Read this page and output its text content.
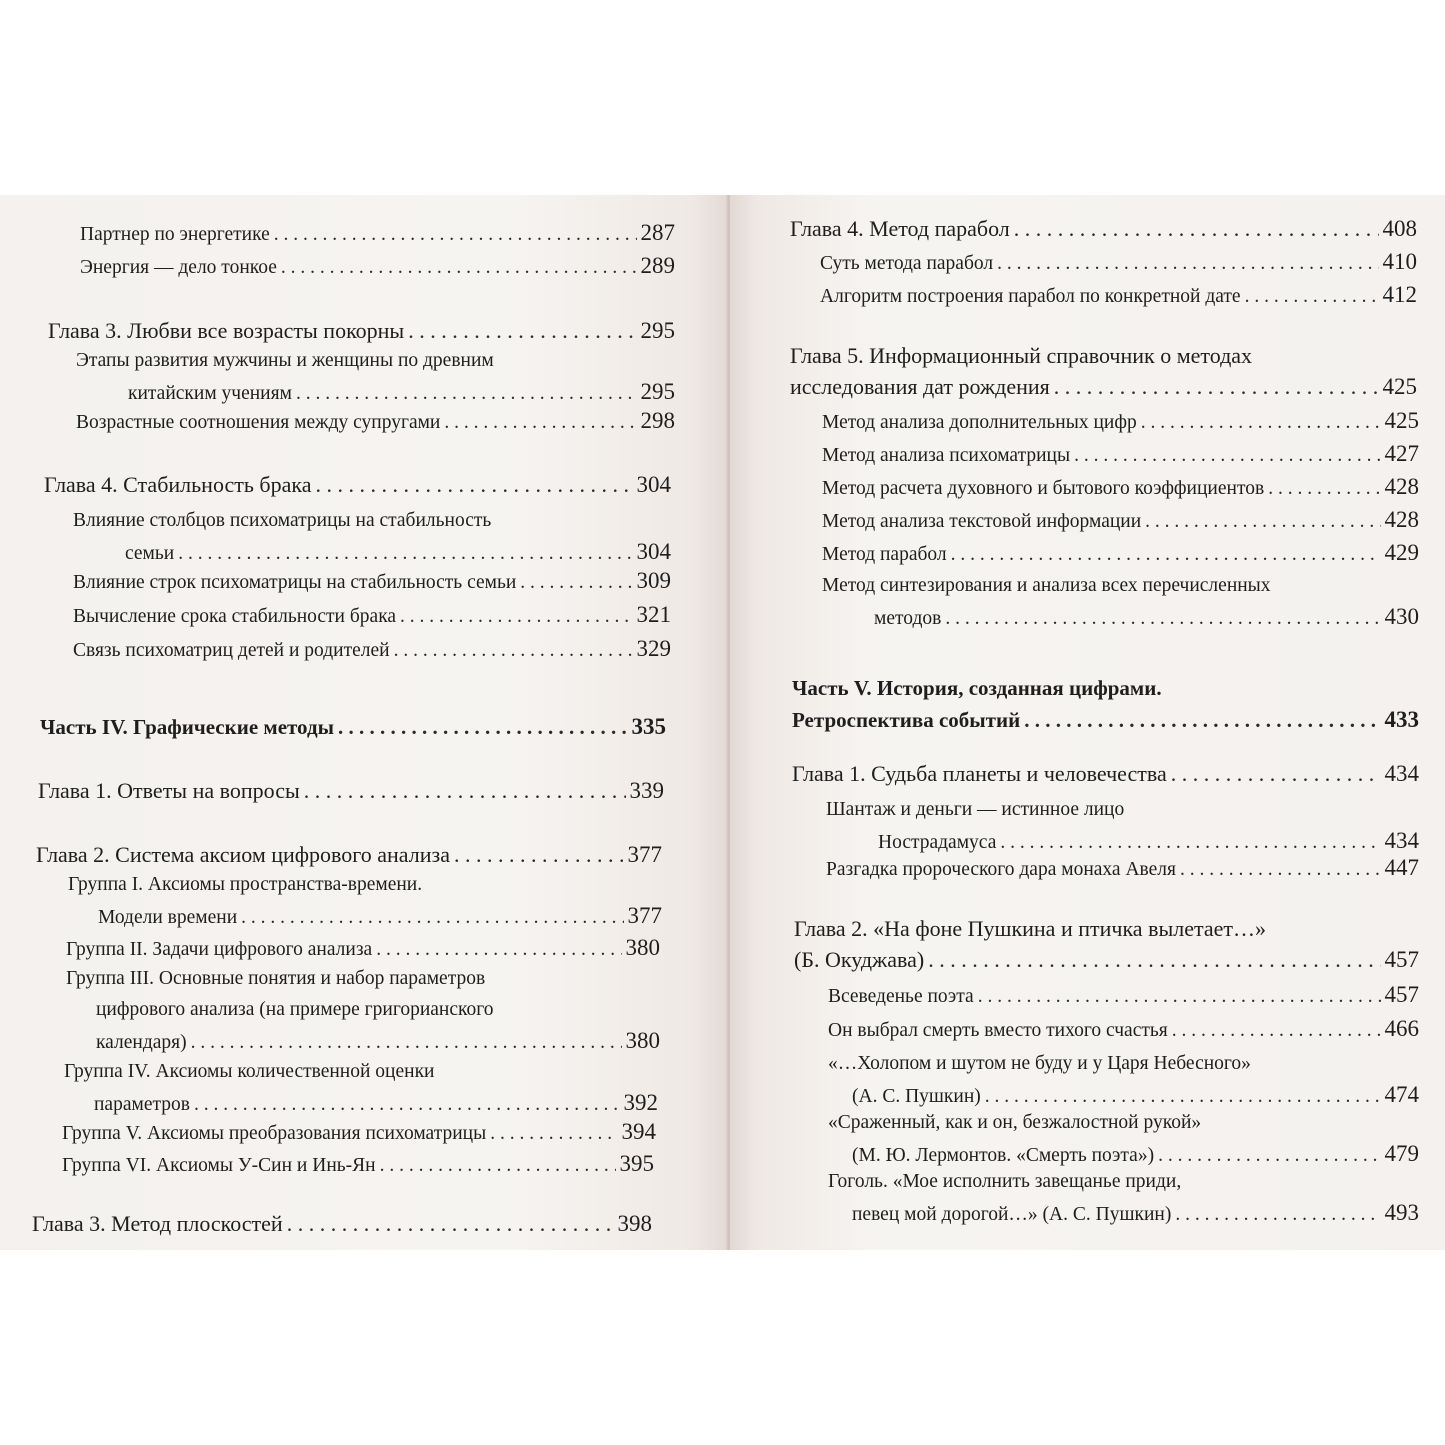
Партнер по энергетике . . .	287
Энергия — дело тонкое . . .	289
Глава 3. Любви все возрасты покорны . . .	295
Этапы развития мужчины и женщины по древним
китайским учениям . . .	295
Возрастные соотношения между супругами . . .	298
Глава 4. Стабильность брака . . .	304
Влияние столбцов психоматрицы на стабильность
семьи . . .	304
Влияние строк психоматрицы на стабильность семьи . . .	309
Вычисление срока стабильности брака . . .	321
Связь психоматриц детей и родителей . . .	329
Часть IV. Графические методы . . .	335
Глава 1. Ответы на вопросы . . .	339
Глава 2. Система аксиом цифрового анализа . . .	377
Группа I. Аксиомы пространства-времени.
Модели времени . . .	377
Группа II. Задачи цифрового анализа . . .	380
Группа III. Основные понятия и набор параметров
цифрового анализа (на примере григорианского
календаря) . . .	380
Группа IV. Аксиомы количественной оценки
параметров . . .	392
Группа V. Аксиомы преобразования психоматрицы . . .	394
Группа VI. Аксиомы У-Син и Инь-Ян . . .	395
Глава 3. Метод плоскостей . . .	398
Глава 4. Метод парабол . . .	408
Суть метода парабол . . .	410
Алгоритм построения парабол по конкретной дате . . .	412
Глава 5. Информационный справочник о методах
исследования дат рождения . . .	425
Метод анализа дополнительных цифр . . .	425
Метод анализа психоматрицы . . .	427
Метод расчета духовного и бытового коэффициентов . . .	428
Метод анализа текстовой информации . . .	428
Метод парабол . . .	429
Метод синтезирования и анализа всех перечисленных
методов . . .	430
Часть V. История, созданная цифрами.
Ретроспектива событий . . .	433
Глава 1. Судьба планеты и человечества . . .	434
Шантаж и деньги — истинное лицо
Нострадамуса . . .	434
Разгадка пророческого дара монаха Авеля . . .	447
Глава 2. «На фоне Пушкина и птичка вылетает…»
(Б. Окуджава) . . .	457
Всеведенье поэта . . .	457
Он выбрал смерть вместо тихого счастья . . .	466
«…Холопом и шутом не буду и у Царя Небесного»
(А. С. Пушкин) . . .	474
«Сраженный, как и он, безжалостной рукой»
(М. Ю. Лермонтов. «Смерть поэта») . . .	479
Гоголь. «Мое исполнить завещанье приди,
певец мой дорогой…» (А. С. Пушкин) . . .	493
